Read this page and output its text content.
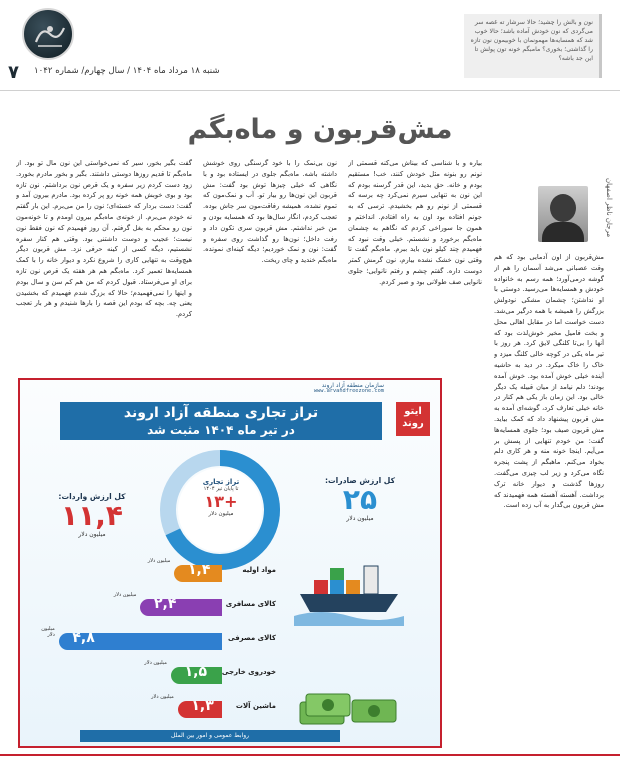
۷ شنبه ۱۸ مرداد ماه ۱۴۰۴ / سال چهارم/ شماره ۱۰۴۲
نون و بالش را چشید؛ حالا سرشار ته غصه سر می‌گردی که نون خودش آماده باشد؛ حالا خوب شد که همسایه‌ها مهمونمان با خوبیمون نون تازه را گذاشتی؛ بخوری؟ مامبگم خونه تون پولش تا این جد باشه؟
مش‌قربون و ماه‌بگم
مرجان ناظر اصفهان
بیاره و با شناسی که بیناش می‌کنه قسمتی از نونم رو بنونه مثل خودش کنند، خب! مستقیم بودم و خانه. حق بدید، این قدر گرسنه بودم که این نون به تنهایی سیرم نمی‌کرد چه برسه که قسمتی از نونم رو هم بخشیدم. ترسی که به جونم افتاده بود اون به راه افتادم. انداختم و همون جا سوراخی کردم که نگاهم به چشمان ماه‌بگم برخورد و نشستم. خیلی وقت نبود که فهمیدم چند کیلو نون باید ببرم. ماه‌بگم گفت تا وقتی نون خشک نشده بیارم، نون گرمش کمتر دوست داره. گفتم چشم و رفتم نانوایی؛ جلوی نانوایی صف طولانی بود و صبر کردم.
نون بی‌نمک را با خود گرسنگی روی خوشش داشته باشه. ماه‌بگم جلوی در ایستاده بود و با نگاهی که خیلی چیزها توش بود گفت: مش قربون این نون‌ها رو بیار تو. آب و نمک‌مون که تموم نشده، همیشه رفاقت‌مون سر جاش بوده. تعجب کردم، انگار سال‌ها بود که همسایه بودن و من خبر نداشتم. مش قربون سری تکون داد و رفت داخل؛ نون‌ها رو گذاشت روی سفره و گفت: نون و نمک خوردیم؛ دیگه کینه‌ای نمونده. ماه‌بگم خندید و چای ریخت.
گفت بگیر بخور، سیر که نمی‌خواستی این نون مال تو بود. از ماه‌بگم تا قدیم روزها دوستی داشتند. بگیر و بخور مادرم بخورد. زود دست کردم زیر سفره و یک قرص نون برداشتم. نون تازه بود و بوی خوبش همه خونه رو پر کرده بود. مادرم بیرون آمد و گفت: دست بردار که خسته‌ای؛ نون را من می‌برم. این بار گفتم نه خودم می‌برم. از خونه‌ی ماه‌بگم بیرون اومدم و تا خونه‌مون نون رو محکم به بغل گرفتم. آن روز فهمیدم که نون فقط نون نیست؛ عجیب و دوست داشتنی بود. وقتی هم کنار سفره نشستیم، دیگه کسی از کینه حرفی نزد. مش قربون دیگر هیچ‌وقت به تنهایی کاری را شروع نکرد و دیوار خانه را با کمک همسایه‌ها تعمیر کرد. ماه‌بگم هم هر هفته یک قرص نون تازه برای او می‌فرستاد. قبول کردم که من هم کم سن و سال بودم و اینها را نمی‌فهمیدم؛ حالا که بزرگ شدم فهمیدم که بخشیدن یعنی چه. بچه که بودم این قصه را بارها شنیدم و هر بار تعجب کردم.
مش‌قربون از اون آدمایی بود که هم وقت عصبانی می‌شد آسمان را هم از گوشه درمی‌آورد؛ همه رسم به خانواده خودش و همسایه‌ها می‌رسید. دوستی با او نداشتن؛ چشمان مشکی نودولش بزرگش را همیشه با همه درگیر می‌شد. دست خواست اما در مقابل اهالی محل و بخت فامیل مخیر خوش‌لذت بود که آنها را بی‌تا کلنگی لایق کرد. هر روز با تیر ماه یکی در کوچه خالی کلنگ میزد و خاک را خاک میکرد. در دید به حاشیه آینده خیلی خوش آمده بود. خوش آمده بودند؛ دلم نیامد از میان قبیله یک دیگر خالی بود. این زمان باز یکی هم کنار در خانه خیلی تعارف کرد، گوشه‌ای آمده به مش قربون پیشنهاد داد که کمک بیاید. مش قربون صیف بود؛ جلوی همسایه‌ها گفت: من خودم تنهایی از پسش بر می‌آیم. اینجا خونه منه و هر کاری دلم بخواد می‌کنم. ماهبگم از پشت پنجره نگاه می‌کرد و زیر لب چیزی می‌گفت. روزها گذشت و دیوار خانه ترک برداشت. آهسته آهسته همه فهمیدند که مش قربون بی‌گدار به آب زده است.
سازمان منطقه آزاد اروند
www.arvandfreezone.com
ایتو روند
تراز تجاری منطقه آزاد اروند
در تیر ماه ۱۴۰۴ مثبت شد
تراز تجاری
تا پایان تیر ۱۴۰۴
+۱۳
میلیون دلار
کل ارزش صادرات:
۲۵
میلیون دلار
کل ارزش واردات:
۱۱,۴
میلیون دلار
۱,۴
میلیون دلار
مواد اولیه
۲,۴
میلیون دلار
کالای مسافری
۴,۸
میلیون دلار	کالای مصرفی
۱,۵
میلیون دلار
خودروی خارجی
۱,۳
میلیون دلار
ماشین آلات
روابط عمومی و امور بین الملل
